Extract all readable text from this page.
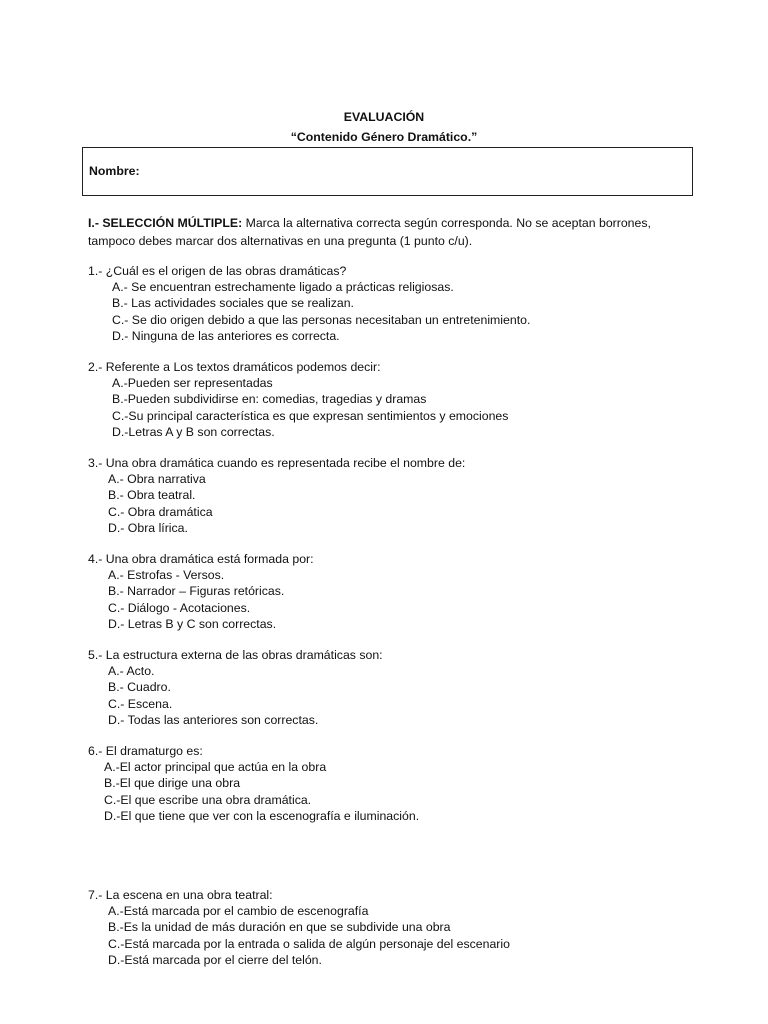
EVALUACIÓN
“Contenido Género Dramático.”
Nombre:
I.- SELECCIÓN MÚLTIPLE: Marca la alternativa correcta según corresponda. No se aceptan borrones, tampoco debes marcar dos alternativas en una pregunta (1 punto c/u).
1.- ¿Cuál es el origen de las obras dramáticas?
A.- Se encuentran estrechamente ligado a prácticas religiosas.
B.- Las actividades sociales que se realizan.
C.- Se dio origen debido a que las personas necesitaban un entretenimiento.
D.- Ninguna de las anteriores es correcta.
2.- Referente a Los textos dramáticos podemos decir:
A.-Pueden ser representadas
B.-Pueden subdividirse en: comedias, tragedias y dramas
C.-Su principal característica es que expresan sentimientos y emociones
D.-Letras A y B son correctas.
3.- Una obra dramática cuando es representada recibe el nombre de:
A.- Obra narrativa
B.- Obra teatral.
C.- Obra dramática
D.- Obra lírica.
4.- Una obra dramática está formada por:
A.- Estrofas - Versos.
B.- Narrador – Figuras retóricas.
C.- Diálogo - Acotaciones.
D.- Letras B y C son correctas.
5.- La estructura externa de las obras dramáticas son:
A.- Acto.
B.- Cuadro.
C.- Escena.
D.- Todas las anteriores son correctas.
6.- El dramaturgo es:
A.-El actor principal que actúa en la obra
B.-El que dirige una obra
C.-El que escribe una obra dramática.
D.-El que tiene que ver con la escenografía e iluminación.
7.- La escena en una obra teatral:
A.-Está marcada por el cambio de escenografía
B.-Es la unidad de más duración en que se subdivide una obra
C.-Está marcada por la entrada o salida de algún personaje del escenario
D.-Está marcada por el cierre del telón.
